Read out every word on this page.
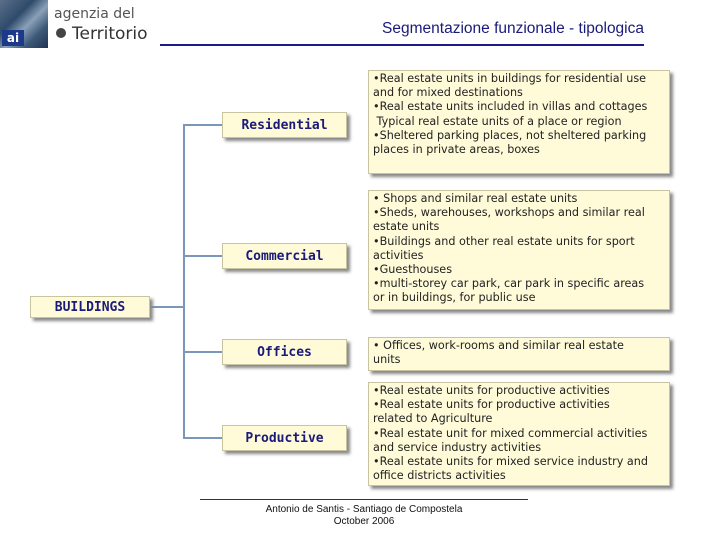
ai
agenzia del
Territorio	Segmentazione funzionale - tipologica
BUILDINGS
Residential
Commercial
Offices
Productive
•Real estate units in buildings for residential use
and for mixed destinations
•Real estate units included in villas and cottages
Typical real estate units of a place or region
•Sheltered parking places, not sheltered parking
places in private areas, boxes
• Shops and similar real estate units
•Sheds, warehouses, workshops and similar real
estate units
•Buildings and other real estate units for sport
activities
•Guesthouses
•multi-storey car park, car park in specific areas
or in buildings, for public use
• Offices, work-rooms and similar real estate
units
•Real estate units for productive activities
•Real estate units for productive activities
related to Agriculture
•Real estate unit for mixed commercial activities
and service industry activities
•Real estate units for mixed service industry and
office districts activities
Antonio de Santis - Santiago de Compostela
October 2006
